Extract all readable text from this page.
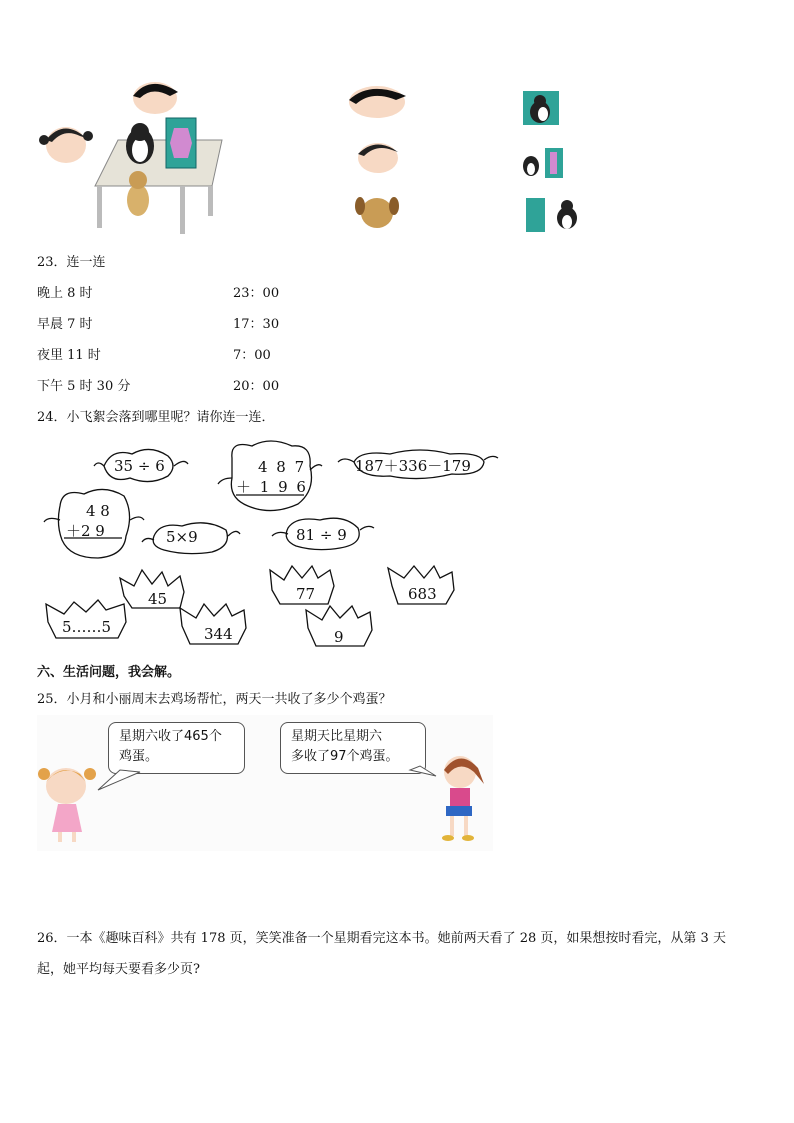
23．连一连
晚上 8 时
早晨 7 时
夜里 11 时
下午 5 时 30 分
23：00
17：30
7：00
20：00
24．小飞絮会落到哪里呢？请你连一连．
35 ÷ 6	4 8 7
＋ 1 9 6
187＋336－179
4 8
＋2 9	5×9	81 ÷ 9
45	77	683
5……5	344	9
六、生活问题，我会解。
25．小月和小丽周末去鸡场帮忙，两天一共收了多少个鸡蛋？
星期六收了465个
鸡蛋。
星期天比星期六
多收了97个鸡蛋。
26．一本《趣味百科》共有 178 页，笑笑准备一个星期看完这本书。她前两天看了 28 页，如果想按时看完，从第 3 天
起，她平均每天要看多少页?
